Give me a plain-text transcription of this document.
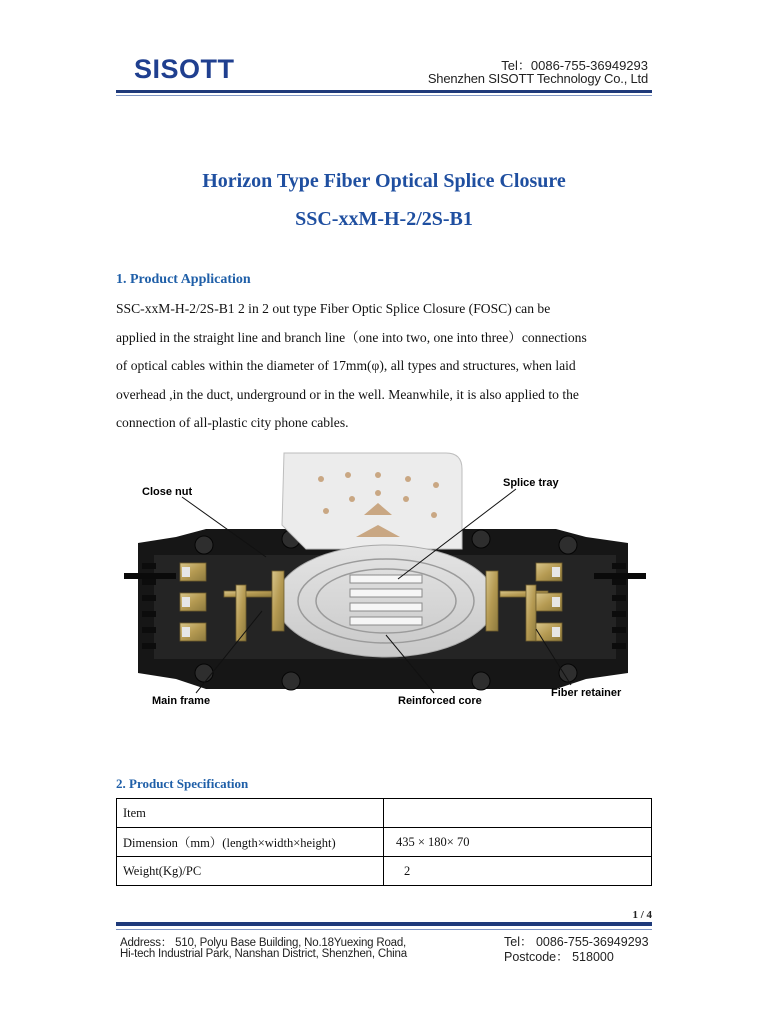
SISOTT	Tel：0086-755-36949293
Shenzhen SISOTT Technology Co., Ltd
Horizon Type Fiber Optical Splice Closure
SSC-xxM-H-2/2S-B1
1. Product Application

SSC-xxM-H-2/2S-B1 2 in 2 out type Fiber Optic Splice Closure (FOSC) can be

applied in the straight line and branch line（one into two, one into three）connections

of optical cables within the diameter of 17mm(φ), all types and structures, when laid

overhead ,in the duct, underground or in the well. Meanwhile, it is also applied to the

connection of all-plastic city phone cables.

Close nut
Splice tray
Main frame	Reinforced core
Fiber retainer
2. Product Specification
Item	
Dimension（mm）(length×width×height)	435 × 180× 70
Weight(Kg)/PC	2
1 / 4
Address： 510, Polyu Base Building, No.18Yuexing Road,
Hi-tech Industrial Park, Nanshan District, Shenzhen, China
Tel： 0086-755-36949293
Postcode： 518000
